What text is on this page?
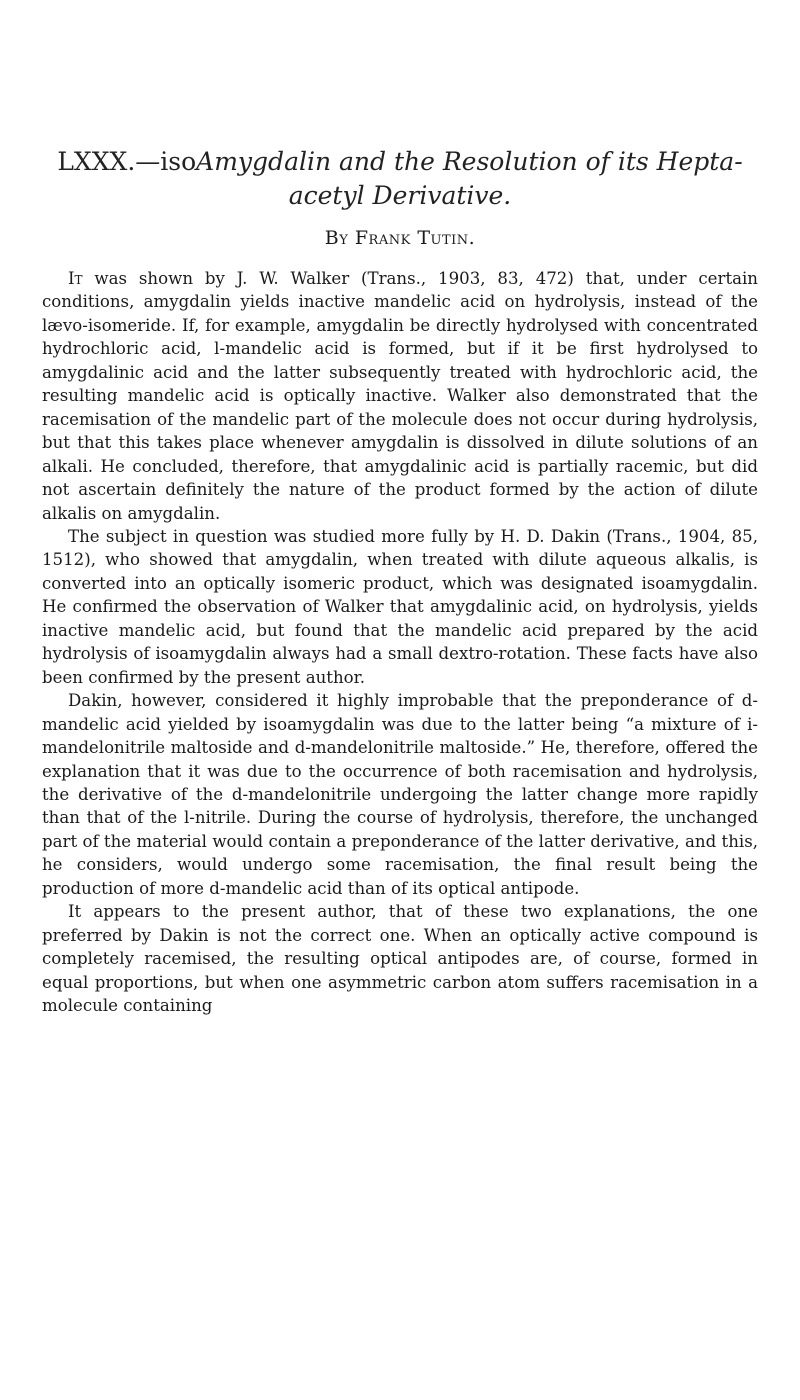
LXXX.—isoAmygdalin and the Resolution of its Hepta-acetyl Derivative.
By Frank Tutin.

It was shown by J. W. Walker (Trans., 1903, 83, 472) that, under certain conditions, amygdalin yields inactive mandelic acid on hydrolysis, instead of the lævo-isomeride. If, for example, amygdalin be directly hydrolysed with concentrated hydrochloric acid, l-mandelic acid is formed, but if it be first hydrolysed to amygdalinic acid and the latter subsequently treated with hydrochloric acid, the resulting mandelic acid is optically inactive. Walker also demonstrated that the racemisation of the mandelic part of the molecule does not occur during hydrolysis, but that this takes place whenever amygdalin is dissolved in dilute solutions of an alkali. He concluded, therefore, that amygdalinic acid is partially racemic, but did not ascertain definitely the nature of the product formed by the action of dilute alkalis on amygdalin.

The subject in question was studied more fully by H. D. Dakin (Trans., 1904, 85, 1512), who showed that amygdalin, when treated with dilute aqueous alkalis, is converted into an optically isomeric product, which was designated isoamygdalin. He confirmed the observation of Walker that amygdalinic acid, on hydrolysis, yields inactive mandelic acid, but found that the mandelic acid prepared by the acid hydrolysis of isoamygdalin always had a small dextro-rotation. These facts have also been confirmed by the present author.

Dakin, however, considered it highly improbable that the preponderance of d-mandelic acid yielded by isoamygdalin was due to the latter being “a mixture of i-mandelonitrile maltoside and d-mandelonitrile maltoside.” He, therefore, offered the explanation that it was due to the occurrence of both racemisation and hydrolysis, the derivative of the d-mandelonitrile undergoing the latter change more rapidly than that of the l-nitrile. During the course of hydrolysis, therefore, the unchanged part of the material would contain a preponderance of the latter derivative, and this, he considers, would undergo some racemisation, the final result being the production of more d-mandelic acid than of its optical antipode.

It appears to the present author, that of these two explanations, the one preferred by Dakin is not the correct one. When an optically active compound is completely racemised, the resulting optical antipodes are, of course, formed in equal proportions, but when one asymmetric carbon atom suffers racemisation in a molecule containing
